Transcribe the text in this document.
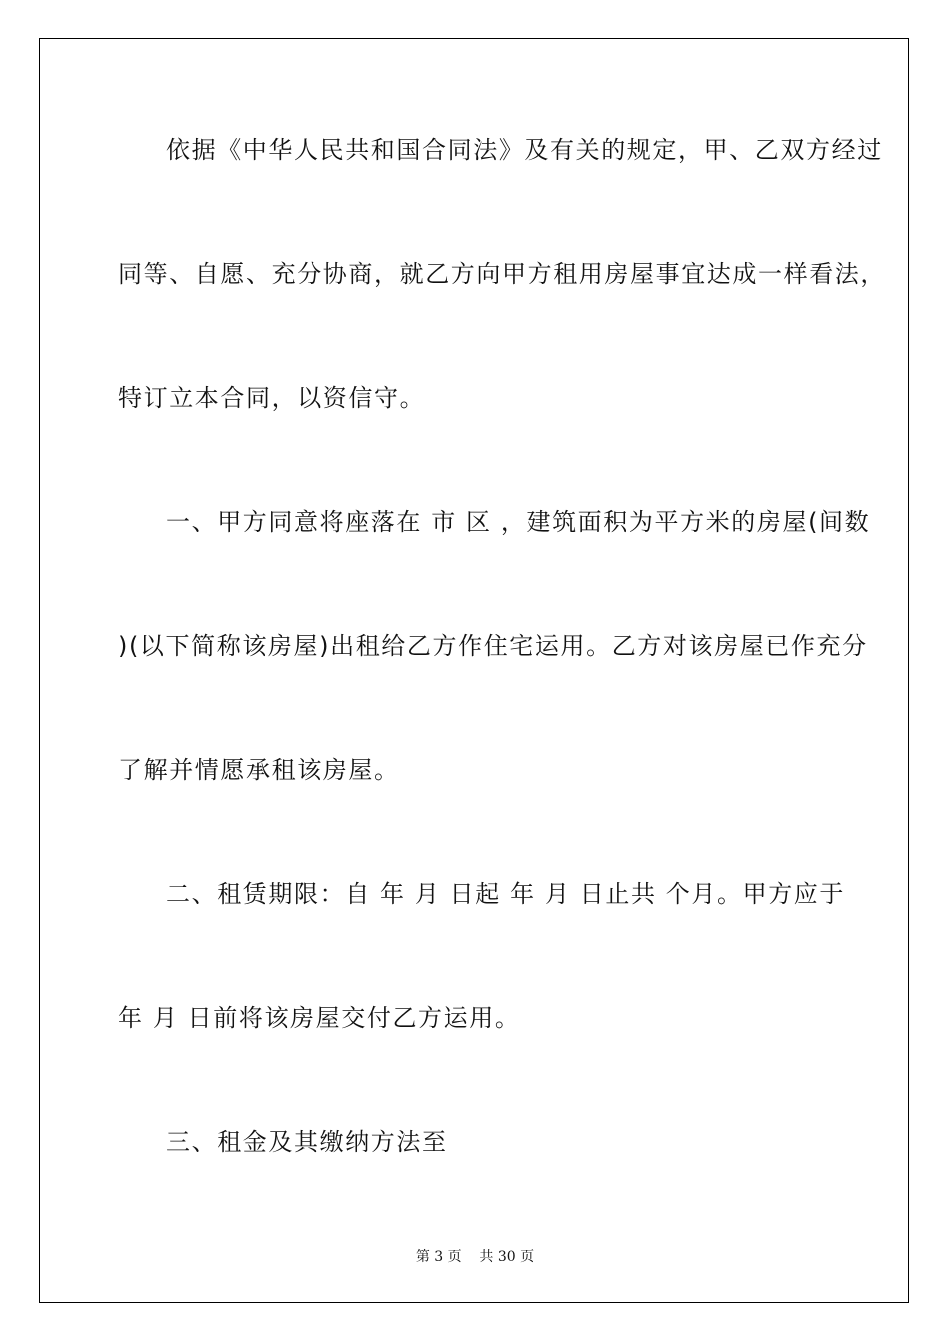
依据《中华人民共和国合同法》及有关的规定，甲、乙双方经过
同等、自愿、充分协商，就乙方向甲方租用房屋事宜达成一样看法，
特订立本合同，以资信守。
一、甲方同意将座落在 市 区 ，建筑面积为平方米的房屋(间数
)(以下简称该房屋)出租给乙方作住宅运用。乙方对该房屋已作充分
了解并情愿承租该房屋。
二、租赁期限：自 年 月 日起 年 月 日止共 个月。甲方应于
年 月 日前将该房屋交付乙方运用。
三、租金及其缴纳方法至
第 3 页    共 30 页
